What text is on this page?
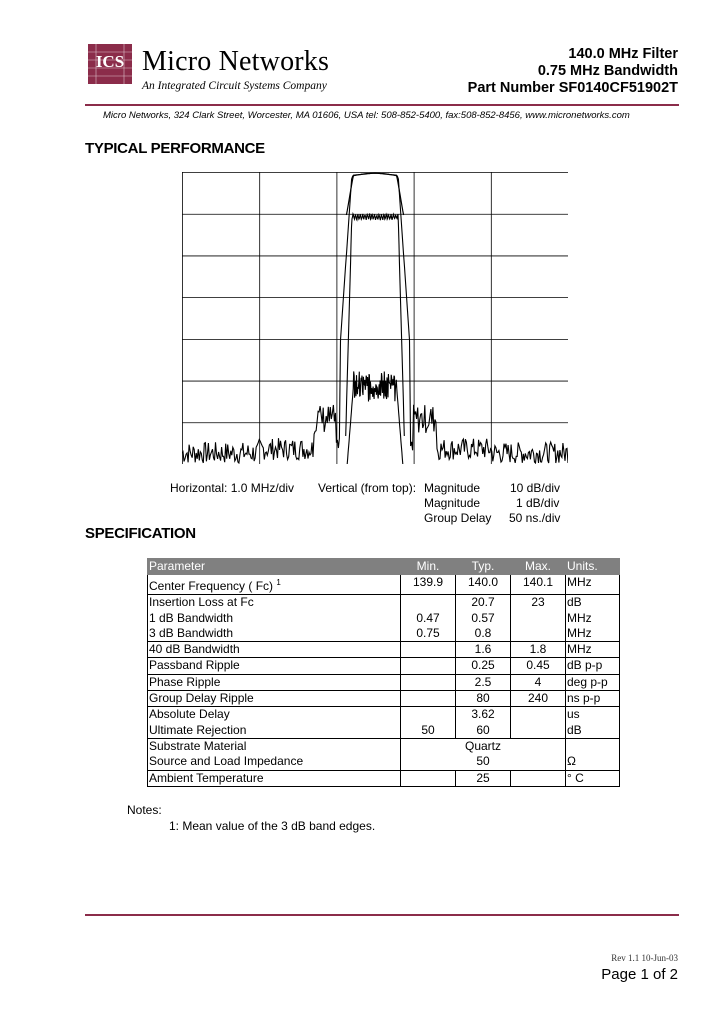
ICS Micro Networks
An Integrated Circuit Systems Company
140.0 MHz Filter
0.75 MHz Bandwidth
Part Number SF0140CF51902T
Micro Networks, 324 Clark Street, Worcester, MA 01606, USA tel: 508-852-5400, fax:508-852-8456, www.micronetworks.com
TYPICAL PERFORMANCE
Horizontal: 1.0 MHz/div Vertical (from top): Magnitude 10 dB/div
Magnitude	1 dB/div
Group Delay 50 ns./div
SPECIFICATION
Parameter	Min.	Typ.	Max.	Units.
Center Frequency ( Fc) $^1$	139.9	140.0	140.1	MHz
Insertion Loss at Fc		20.7	23	dB
1 dB Bandwidth	0.47	0.57		MHz
3 dB Bandwidth	0.75	0.8		MHz
40 dB Bandwidth		1.6	1.8	MHz
Passband Ripple		0.25	0.45	dB p-p
Phase Ripple		2.5	4	deg p-p
Group Delay Ripple		80	240	ns p-p
Absolute Delay		3.62		us
Ultimate Rejection	50	60		dB
Substrate Material	Quartz			
Source and Load Impedance	50			Ω
Ambient Temperature		25		° C
Notes:
1: Mean value of the 3 dB band edges.
Rev 1.1 10-Jun-03
Page 1 of 2
